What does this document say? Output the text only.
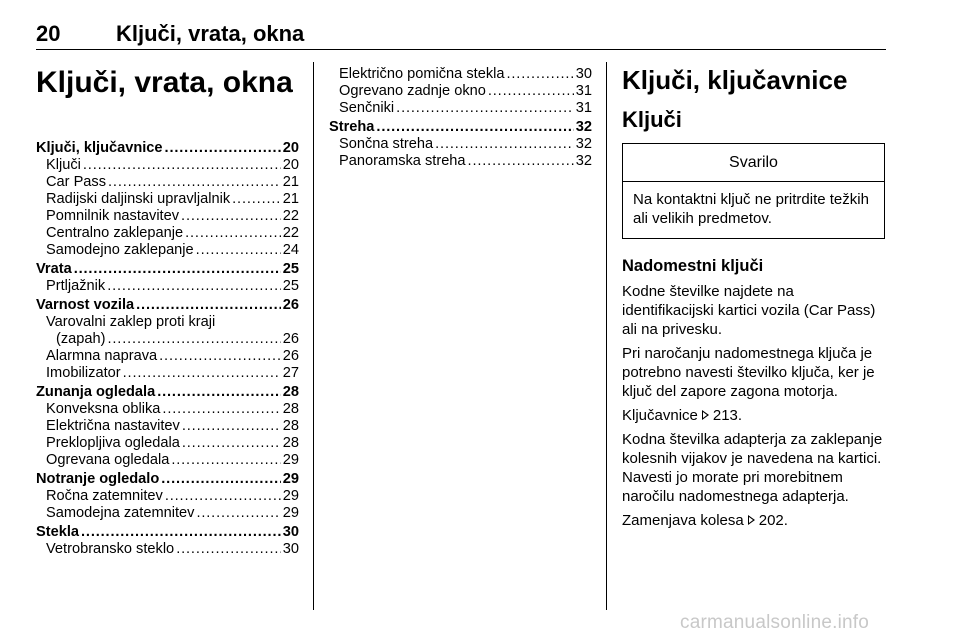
20	Ključi, vrata, okna
Ključi, vrata, okna
Ključi, ključavnice . . .	20
Ključi . . .	20
Car Pass . . .	21
Radijski daljinski upravljalnik . . .	21
Pomnilnik nastavitev . . .	22
Centralno zaklepanje . . .	22
Samodejno zaklepanje . . .	24
Vrata . . .	25
Prtljažnik . . .	25
Varnost vozila . . .	26
Varovalni zaklep proti kraji
(zapah) . . .	26
Alarmna naprava . . .	26
Imobilizator . . .	27
Zunanja ogledala . . .	28
Konveksna oblika . . .	28
Električna nastavitev . . .	28
Preklopljiva ogledala . . .	28
Ogrevana ogledala . . .	29
Notranje ogledalo . . .	29
Ročna zatemnitev . . .	29
Samodejna zatemnitev . . .	29
Stekla . . .	30
Vetrobransko steklo . . .	30
Električno pomična stekla . . .	30
Ogrevano zadnje okno . . .	31
Senčniki . . .	31
Streha . . .	32
Sončna streha . . .	32
Panoramska streha . . .	32
Ključi, ključavnice
Ključi
Svarilo
Na kontaktni ključ ne pritrdite težkih ali velikih predmetov.
Nadomestni ključi

Kodne številke najdete na identifikacijski kartici vozila (Car Pass) ali na privesku.

Pri naročanju nadomestnega ključa je potrebno navesti številko ključa, ker je ključ del zapore zagona motorja.

Ključavnice 213.

Kodna številka adapterja za zaklepanje kolesnih vijakov je navedena na kartici. Navesti jo morate pri morebitnem naročilu nadomestnega adapterja.

Zamenjava kolesa 202.

carmanualsonline.info
